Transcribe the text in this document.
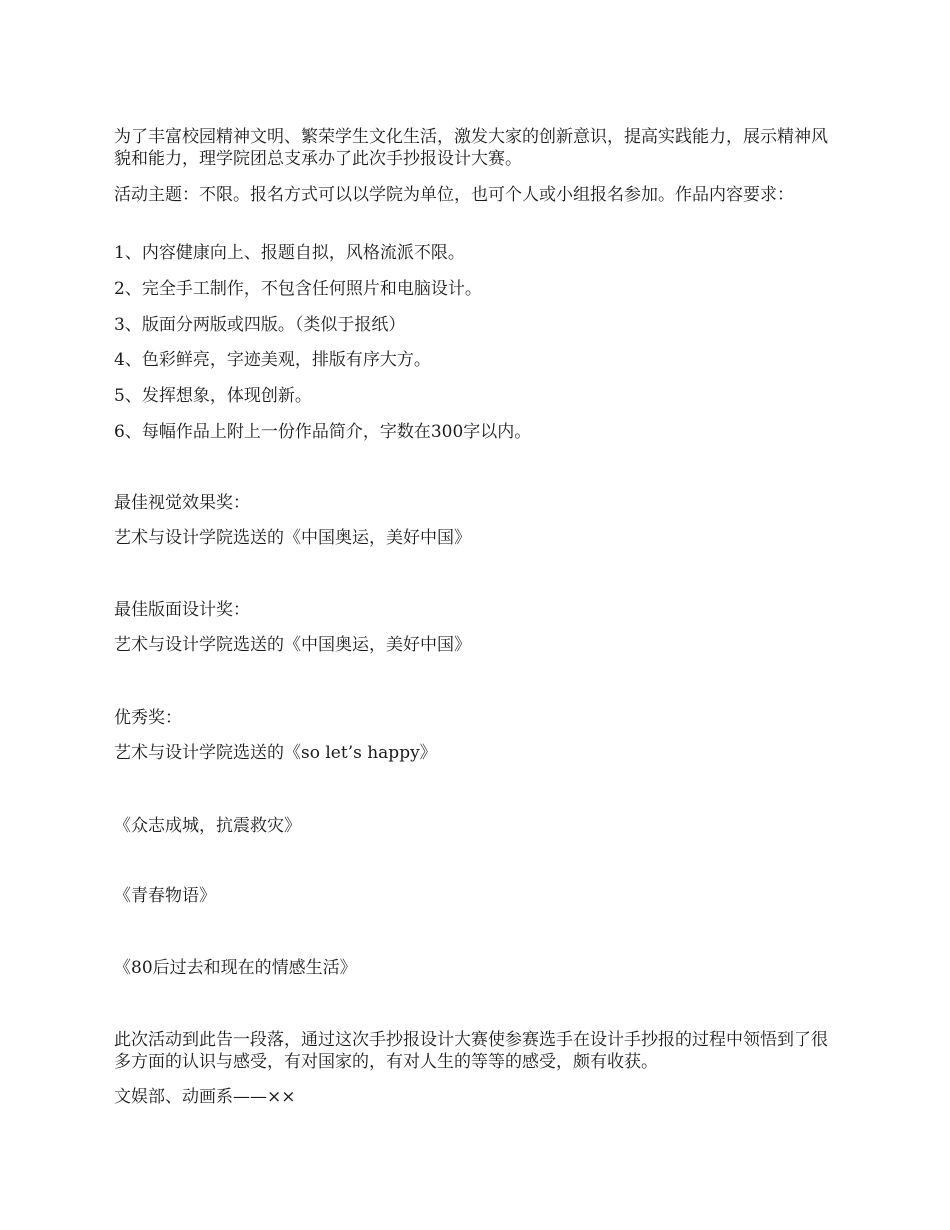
为了丰富校园精神文明、繁荣学生文化生活，激发大家的创新意识，提高实践能力，展示精神风貌和能力，理学院团总支承办了此次手抄报设计大赛。

活动主题：不限。报名方式可以以学院为单位，也可个人或小组报名参加。作品内容要求：

1、内容健康向上、报题自拟，风格流派不限。

2、完全手工制作，不包含任何照片和电脑设计。

3、版面分两版或四版。（类似于报纸）

4、色彩鲜亮，字迹美观，排版有序大方。

5、发挥想象，体现创新。

6、每幅作品上附上一份作品简介，字数在300字以内。

最佳视觉效果奖：

艺术与设计学院选送的《中国奥运，美好中国》

最佳版面设计奖：

艺术与设计学院选送的《中国奥运，美好中国》

优秀奖：

艺术与设计学院选送的《so let’s happy》

《众志成城，抗震救灾》

《青春物语》

《80后过去和现在的情感生活》

此次活动到此告一段落，通过这次手抄报设计大赛使参赛选手在设计手抄报的过程中领悟到了很多方面的认识与感受，有对国家的，有对人生的等等的感受，颇有收获。

文娱部、动画系——××
